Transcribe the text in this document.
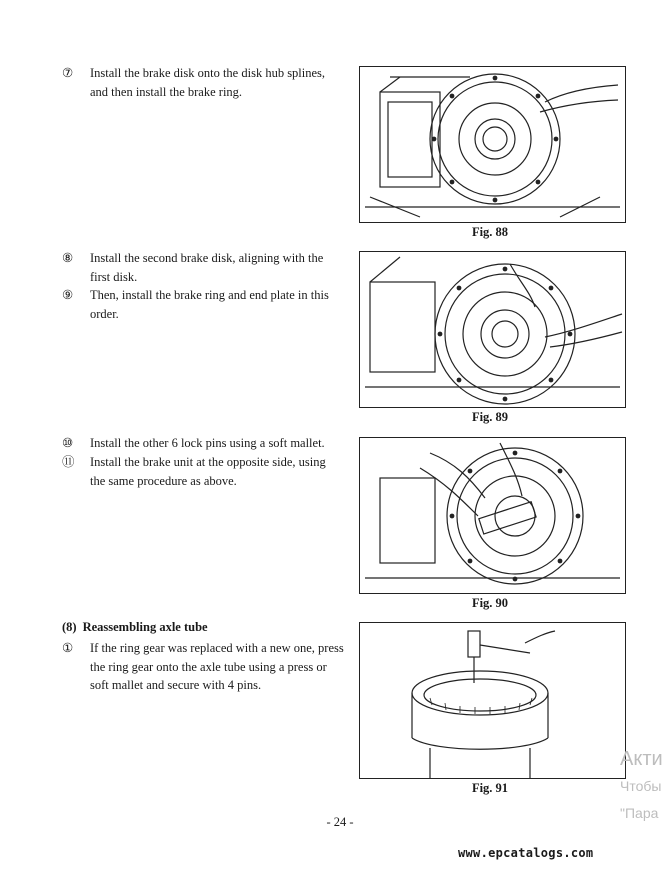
⑦	Install the brake disk onto the disk hub splines, and then install the brake ring.
⑧	Install the second brake disk, aligning with the first disk.
⑨	Then, install the brake ring and end plate in this order.
⑩	Install the other 6 lock pins using a soft mallet.
⑪	Install the brake unit at the opposite side, using the same procedure as above.
(8) Reassembling axle tube
①	If the ring gear was replaced with a new one, press the ring gear onto the axle tube using a press or soft mallet and secure with 4 pins.
Fig. 88
Fig. 89
Fig. 90
Fig. 91
- 24 -
Акти
Чтобы
"Пара
www.epcatalogs.com
